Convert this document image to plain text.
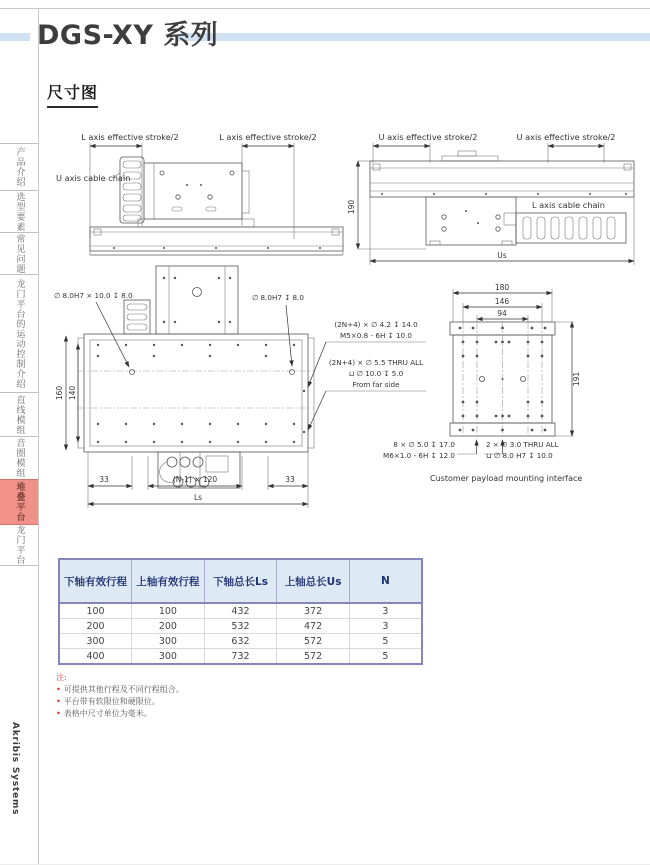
DGS-XY 系列
尺寸图
产品介绍
选型要素
常见问题
龙门平台的运动控制介绍
直线模组
音圈模组
堆叠平台
龙门平台
Akribis Systems
L axis effective stroke/2	L axis effective stroke/2
U axis cable chain
U axis effective stroke/2	U axis effective stroke/2
190	L axis cable chain
Us
160 140
∅ 8.0H7 × 10.0 ↧ 8.0	∅ 8.0H7 ↧ 8.0
(2N+4) × ∅ 4.2 ↧ 14.0
M5×0.8 - 6H ↧ 10.0
(2N+4) × ∅ 5.5 THRU ALL
⊔ ∅ 10.0 ↧ 5.0
From far side
33	(N-1) × 120	33
Ls
180
146
94
191
8 × ∅ 5.0 ↧ 17.0
M6×1.0 - 6H ↧ 12.0
2 × ∅ 3.0 THRU ALL
⊔ ∅ 8.0 H7 ↧ 10.0
Customer payload mounting interface
下轴有效行程	上轴有效行程	下轴总长Ls	上轴总长Us	N
100	100	432	372	3
200	200	532	472	3
300	300	632	572	5
400	300	732	572	5
注:
• 可提供其他行程及不同行程组合。
• 平台带有软限位和硬限位。
• 表格中尺寸单位为毫米。
